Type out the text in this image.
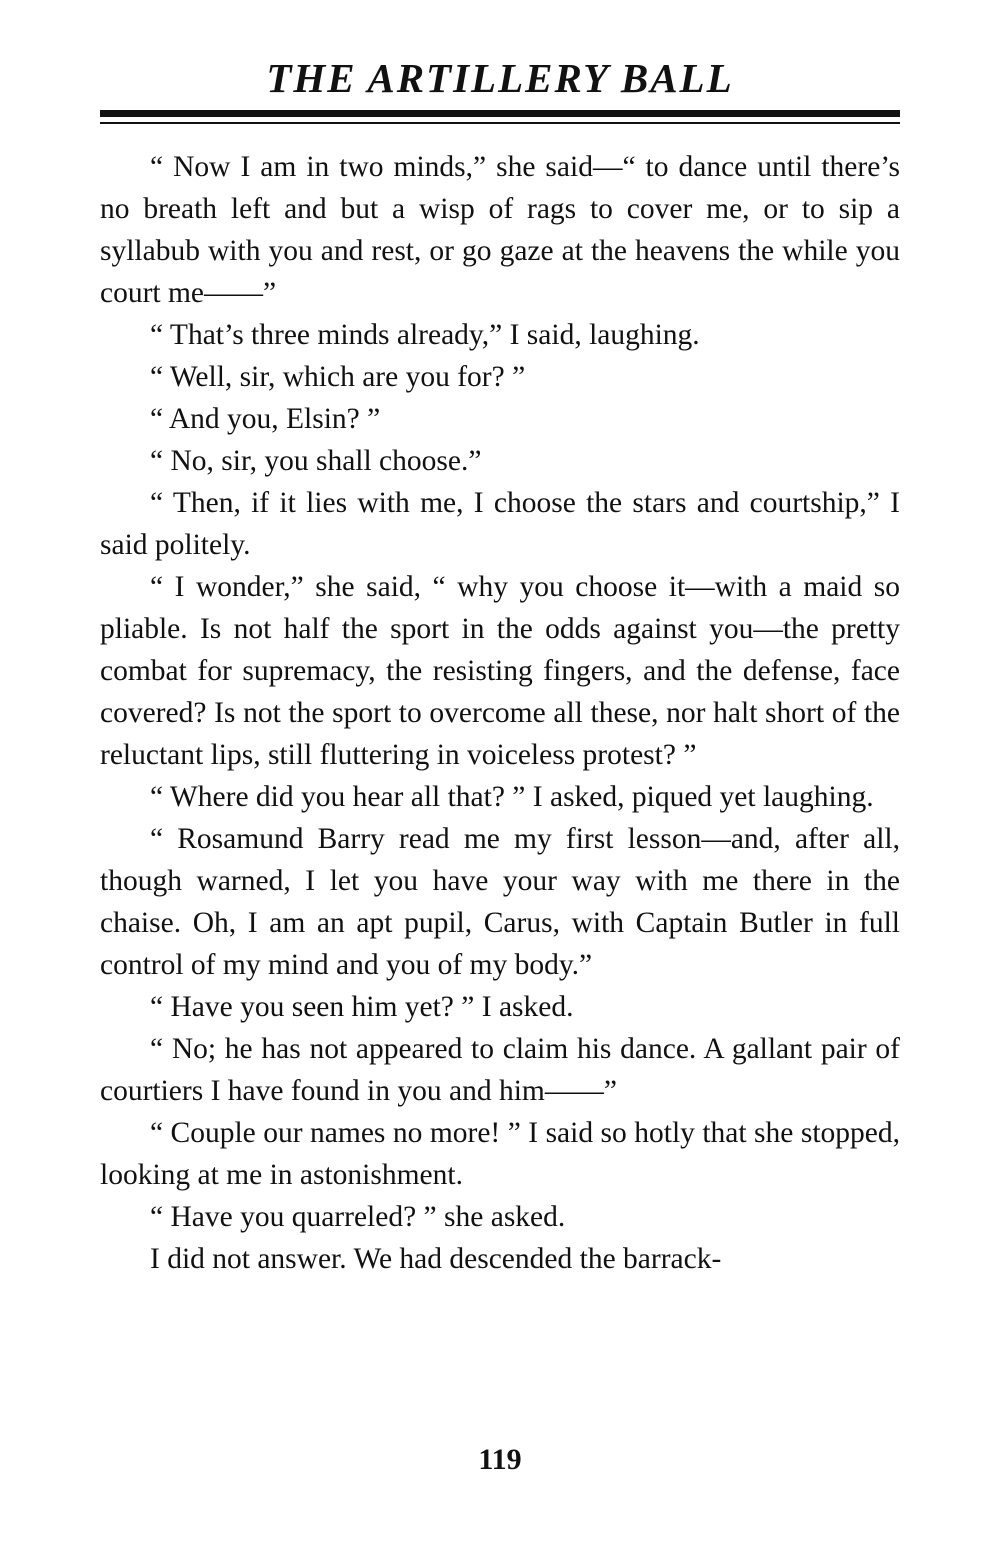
THE ARTILLERY BALL

“ Now I am in two minds,” she said—“ to dance until there’s no breath left and but a wisp of rags to cover me, or to sip a syllabub with you and rest, or go gaze at the heavens the while you court me——”

“ That’s three minds already,” I said, laughing.

“ Well, sir, which are you for? ”

“ And you, Elsin? ”

“ No, sir, you shall choose.”

“ Then, if it lies with me, I choose the stars and courtship,” I said politely.

“ I wonder,” she said, “ why you choose it—with a maid so pliable. Is not half the sport in the odds against you—the pretty combat for supremacy, the resisting fingers, and the defense, face covered? Is not the sport to overcome all these, nor halt short of the reluctant lips, still fluttering in voiceless protest? ”

“ Where did you hear all that? ” I asked, piqued yet laughing.

“ Rosamund Barry read me my first lesson—and, after all, though warned, I let you have your way with me there in the chaise. Oh, I am an apt pupil, Carus, with Captain Butler in full control of my mind and you of my body.”

“ Have you seen him yet? ” I asked.

“ No; he has not appeared to claim his dance. A gallant pair of courtiers I have found in you and him——”

“ Couple our names no more! ” I said so hotly that she stopped, looking at me in astonishment.

“ Have you quarreled? ” she asked.

I did not answer. We had descended the barrack-

119
